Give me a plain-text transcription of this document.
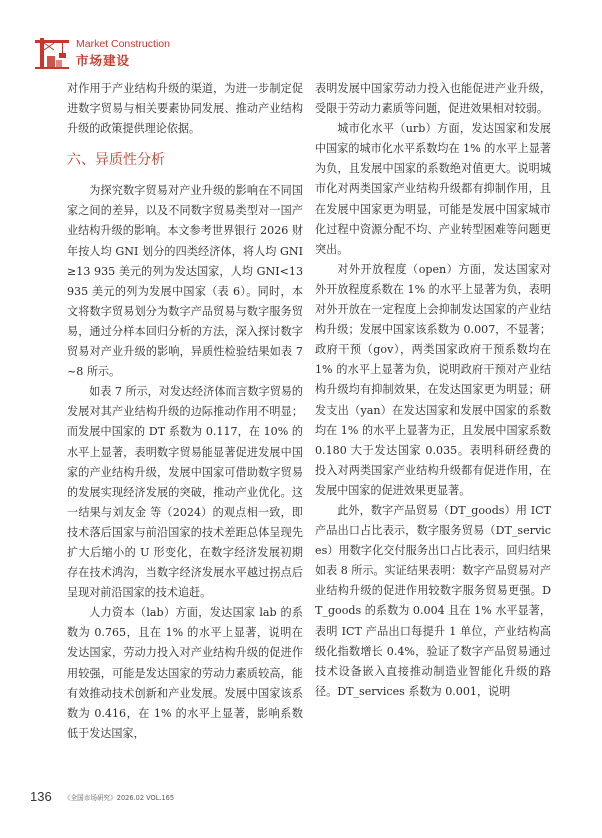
Market Construction
市场建设

对作用于产业结构升级的渠道，为进一步制定促进数字贸易与相关要素协同发展、推动产业结构升级的政策提供理论依据。

六、异质性分析

为探究数字贸易对产业升级的影响在不同国家之间的差异，以及不同数字贸易类型对一国产业结构升级的影响。本文参考世界银行 2026 财年按人均 GNI 划分的四类经济体，将人均 GNI≥13 935 美元的列为发达国家，人均 GNI<13 935 美元的列为发展中国家（表 6）。同时，本文将数字贸易划分为数字产品贸易与数字服务贸易，通过分样本回归分析的方法，深入探讨数字贸易对产业升级的影响，异质性检验结果如表 7~8 所示。

如表 7 所示，对发达经济体而言数字贸易的发展对其产业结构升级的边际推动作用不明显；而发展中国家的 DT 系数为 0.117，在 10% 的水平上显著，表明数字贸易能显著促进发展中国家的产业结构升级，发展中国家可借助数字贸易的发展实现经济发展的突破，推动产业优化。这一结果与刘友金 等（2024）的观点相一致，即技术落后国家与前沿国家的技术差距总体呈现先扩大后缩小的 U 形变化，在数字经济发展初期存在技术鸿沟，当数字经济发展水平越过拐点后呈现对前沿国家的技术追赶。

人力资本（lab）方面，发达国家 lab 的系数为 0.765，且在 1% 的水平上显著，说明在发达国家，劳动力投入对产业结构升级的促进作用较强，可能是发达国家的劳动力素质较高，能有效推动技术创新和产业发展。发展中国家该系数为 0.416，在 1% 的水平上显著，影响系数低于发达国家，

表明发展中国家劳动力投入也能促进产业升级，受限于劳动力素质等问题，促进效果相对较弱。

城市化水平（urb）方面，发达国家和发展中国家的城市化水平系数均在 1% 的水平上显著为负，且发展中国家的系数绝对值更大。说明城市化对两类国家产业结构升级都有抑制作用，且在发展中国家更为明显，可能是发展中国家城市化过程中资源分配不均、产业转型困难等问题更突出。

对外开放程度（open）方面，发达国家对外开放程度系数在 1% 的水平上显著为负，表明对外开放在一定程度上会抑制发达国家的产业结构升级；发展中国家该系数为 0.007，不显著；政府干预（gov），两类国家政府干预系数均在 1% 的水平上显著为负，说明政府干预对产业结构升级均有抑制效果，在发达国家更为明显；研发支出（yan）在发达国家和发展中国家的系数均在 1% 的水平上显著为正，且发展中国家系数 0.180 大于发达国家 0.035。表明科研经费的投入对两类国家产业结构升级都有促进作用，在发展中国家的促进效果更显著。

此外，数字产品贸易（DT_goods）用 ICT 产品出口占比表示，数字服务贸易（DT_services）用数字化交付服务出口占比表示，回归结果如表 8 所示。实证结果表明：数字产品贸易对产业结构升级的促进作用较数字服务贸易更强。DT_goods 的系数为 0.004 且在 1% 水平显著，表明 ICT 产品出口每提升 1 单位，产业结构高级化指数增长 0.4%，验证了数字产品贸易通过技术设备嵌入直接推动制造业智能化升级的路径。DT_services 系数为 0.001，说明

136 《全国市场研究》2026.02 VOL.165
